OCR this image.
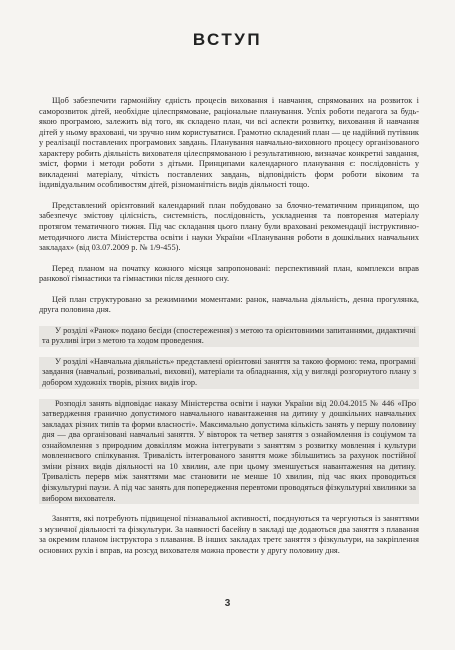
ВСТУП

Щоб забезпечити гармонійну єдність процесів виховання і навчання, спрямованих на розвиток і саморозвиток дітей, необхідне цілеспрямоване, раціональне планування. Успіх роботи педагога за будь-якою програмою, залежить від того, як складено план, чи всі аспекти розвитку, виховання й навчання дітей у ньому враховані, чи зручно ним користуватися. Грамотно складений план — це надійний путівник у реалізації поставлених програмових завдань. Планування навчально-виховного процесу організованого характеру робить діяльність вихователя цілеспрямованою і результативною, визначає конкретні завдання, зміст, форми і методи роботи з дітьми. Принципами календарного планування є: послідовність у викладенні матеріалу, чіткість поставлених завдань, відповідність форм роботи віковим та індивідуальним особливостям дітей, різноманітність видів діяльності тощо.

Представлений орієнтовний календарний план побудовано за блочно-тематичним принципом, що забезпечує змістову цілісність, системність, послідовність, ускладнення та повторення матеріалу протягом тематичного тижня. Під час складання цього плану були враховані рекомендації інструктивно-методичного листа Міністерства освіти і науки України «Планування роботи в дошкільних навчальних закладах» (від 03.07.2009 р. № 1/9-455).

Перед планом на початку кожного місяця запропоновані: перспективний план, комплекси вправ ранкової гімнастики та гімнастики після денного сну.

Цей план структуровано за режимними моментами: ранок, навчальна діяльність, денна прогулянка, друга половина дня.

У розділі «Ранок» подано бесіди (спостереження) з метою та орієнтовними запитаннями, дидактичні та рухливі ігри з метою та ходом проведення.

У розділі «Навчальна діяльність» представлені орієнтовні заняття за такою формою: тема, програмні завдання (навчальні, розвивальні, виховні), матеріали та обладнання, хід у вигляді розгорнутого плану з добором художніх творів, різних видів ігор.

Розподіл занять відповідає наказу Міністерства освіти і науки України від 20.04.2015 № 446 «Про затвердження гранично допустимого навчального навантаження на дитину у дошкільних навчальних закладах різних типів та форми власності». Максимально допустима кількість занять у першу половину дня — два організовані навчальні заняття. У вівторок та четвер заняття з ознайомлення із соціумом та ознайомлення з природним довкіллям можна інтегрувати з заняттям з розвитку мовлення і культури мовленнєвого спілкування. Тривалість інтегрованого заняття може збільшитись за рахунок постійної зміни різних видів діяльності на 10 хвилин, але при цьому зменшується навантаження на дитину. Тривалість перерв між заняттями має становити не менше 10 хвилин, під час яких проводиться фізкультурні паузи. А під час занять для попередження перевтоми проводяться фізкультурні хвилинки за вибором вихователя.

Заняття, які потребують підвищеної пізнавальної активності, поєднуються та чергуються із заняттями з музичної діяльності та фізкультури. За наявності басейну в закладі ще додаються два заняття з плавання за окремим планом інструктора з плавання. В інших закладах третє заняття з фізкультури, на закріплення основних рухів і вправ, на розсуд вихователя можна провести у другу половину дня.

3
